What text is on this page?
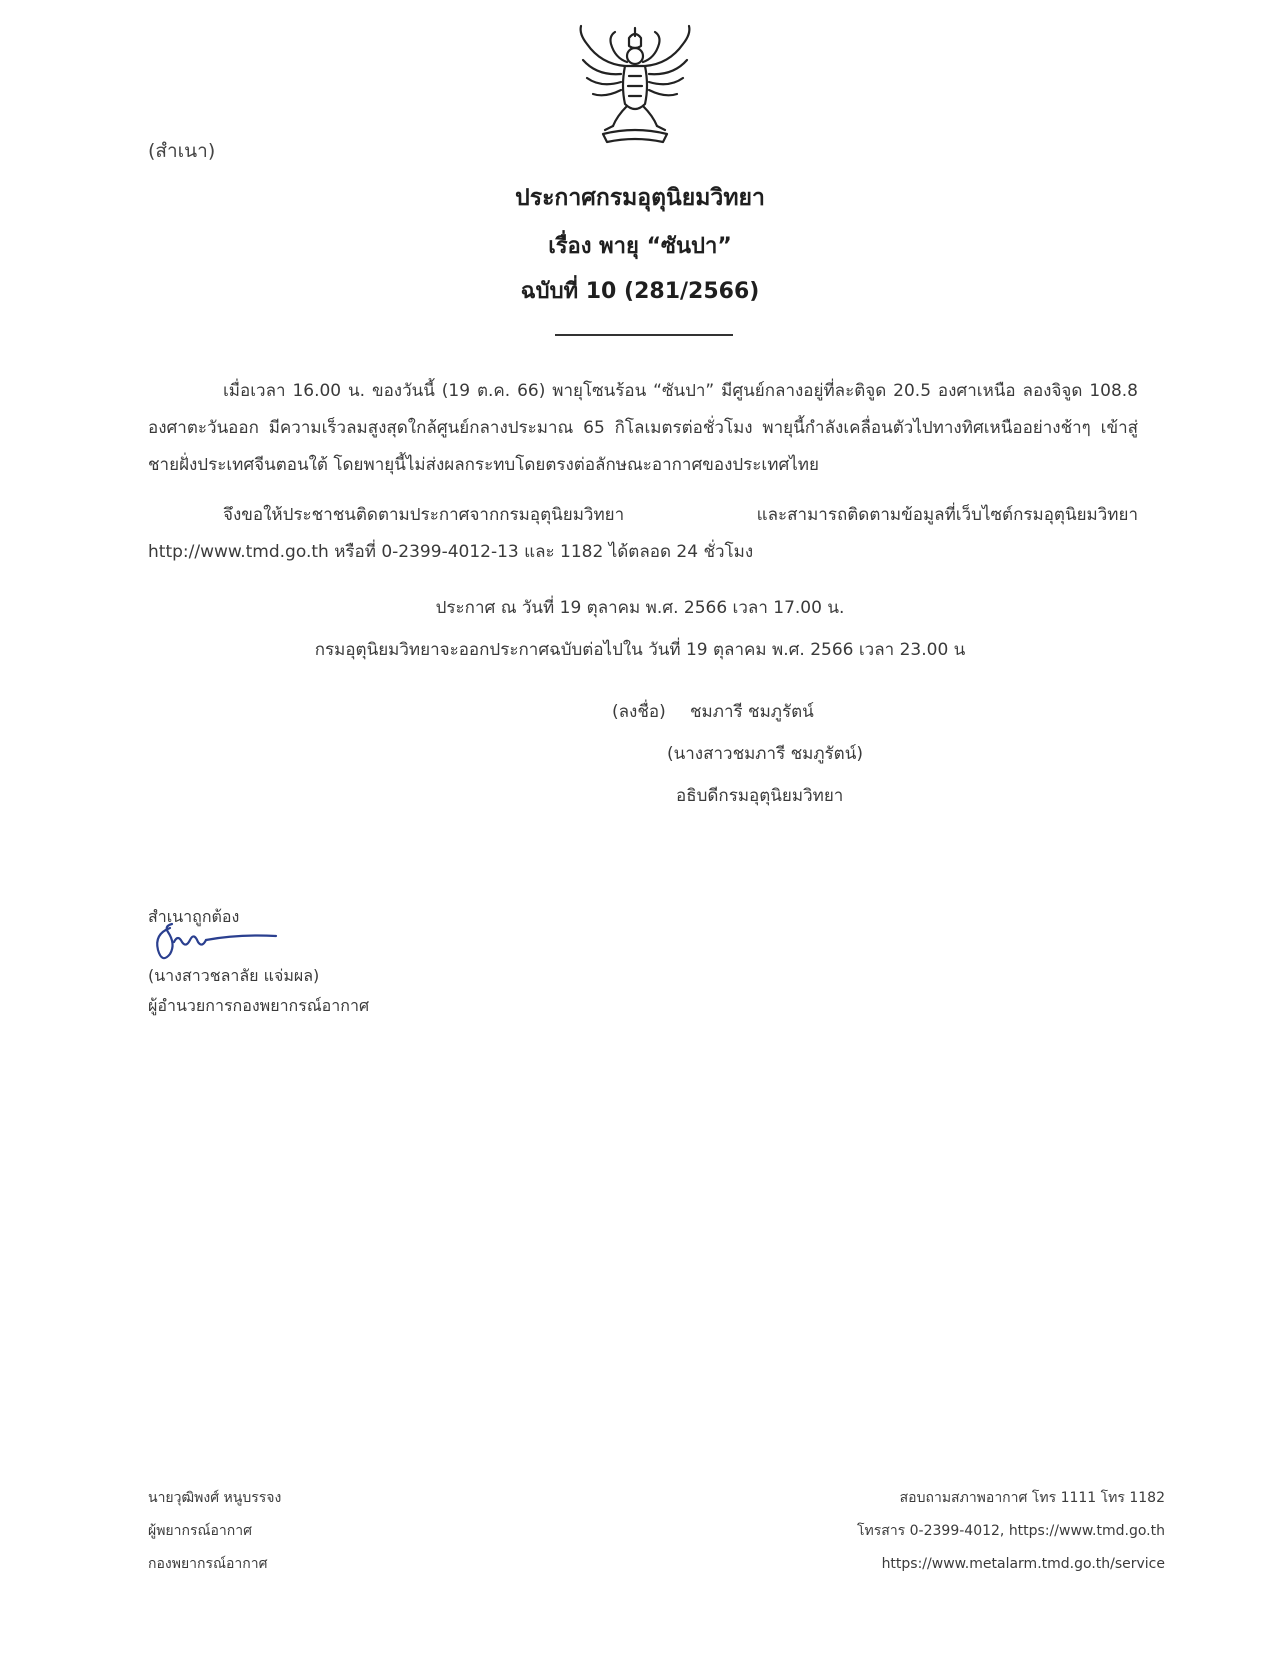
(สำเนา)
ประกาศกรมอุตุนิยมวิทยา
เรื่อง พายุ “ซันปา”
ฉบับที่ 10 (281/2566)
เมื่อเวลา 16.00 น. ของวันนี้ (19 ต.ค. 66) พายุโซนร้อน “ซันปา” มีศูนย์กลางอยู่ที่ละติจูด 20.5 องศาเหนือ ลองจิจูด 108.8 องศาตะวันออก มีความเร็วลมสูงสุดใกล้ศูนย์กลางประมาณ 65 กิโลเมตรต่อชั่วโมง พายุนี้กำลังเคลื่อนตัวไปทางทิศเหนืออย่างช้าๆ เข้าสู่ชายฝั่งประเทศจีนตอนใต้ โดยพายุนี้ไม่ส่งผลกระทบโดยตรงต่อลักษณะอากาศของประเทศไทย
จึงขอให้ประชาชนติดตามประกาศจากกรมอุตุนิยมวิทยา และสามารถติดตามข้อมูลที่เว็บไซต์กรมอุตุนิยมวิทยา http://www.tmd.go.th หรือที่ 0-2399-4012-13 และ 1182 ได้ตลอด 24 ชั่วโมง
ประกาศ ณ วันที่ 19 ตุลาคม พ.ศ. 2566 เวลา 17.00 น.
กรมอุตุนิยมวิทยาจะออกประกาศฉบับต่อไปใน วันที่ 19 ตุลาคม พ.ศ. 2566 เวลา 23.00 น
(ลงชื่อ) ชมภารี ชมภูรัตน์
(นางสาวชมภารี ชมภูรัตน์)
อธิบดีกรมอุตุนิยมวิทยา
สำเนาถูกต้อง
(นางสาวชลาลัย แจ่มผล)
ผู้อำนวยการกองพยากรณ์อากาศ
นายวุฒิพงศ์ หนูบรรจง
ผู้พยากรณ์อากาศ
กองพยากรณ์อากาศ
สอบถามสภาพอากาศ โทร 1111 โทร 1182
โทรสาร 0-2399-4012, https://www.tmd.go.th
https://www.metalarm.tmd.go.th/service
